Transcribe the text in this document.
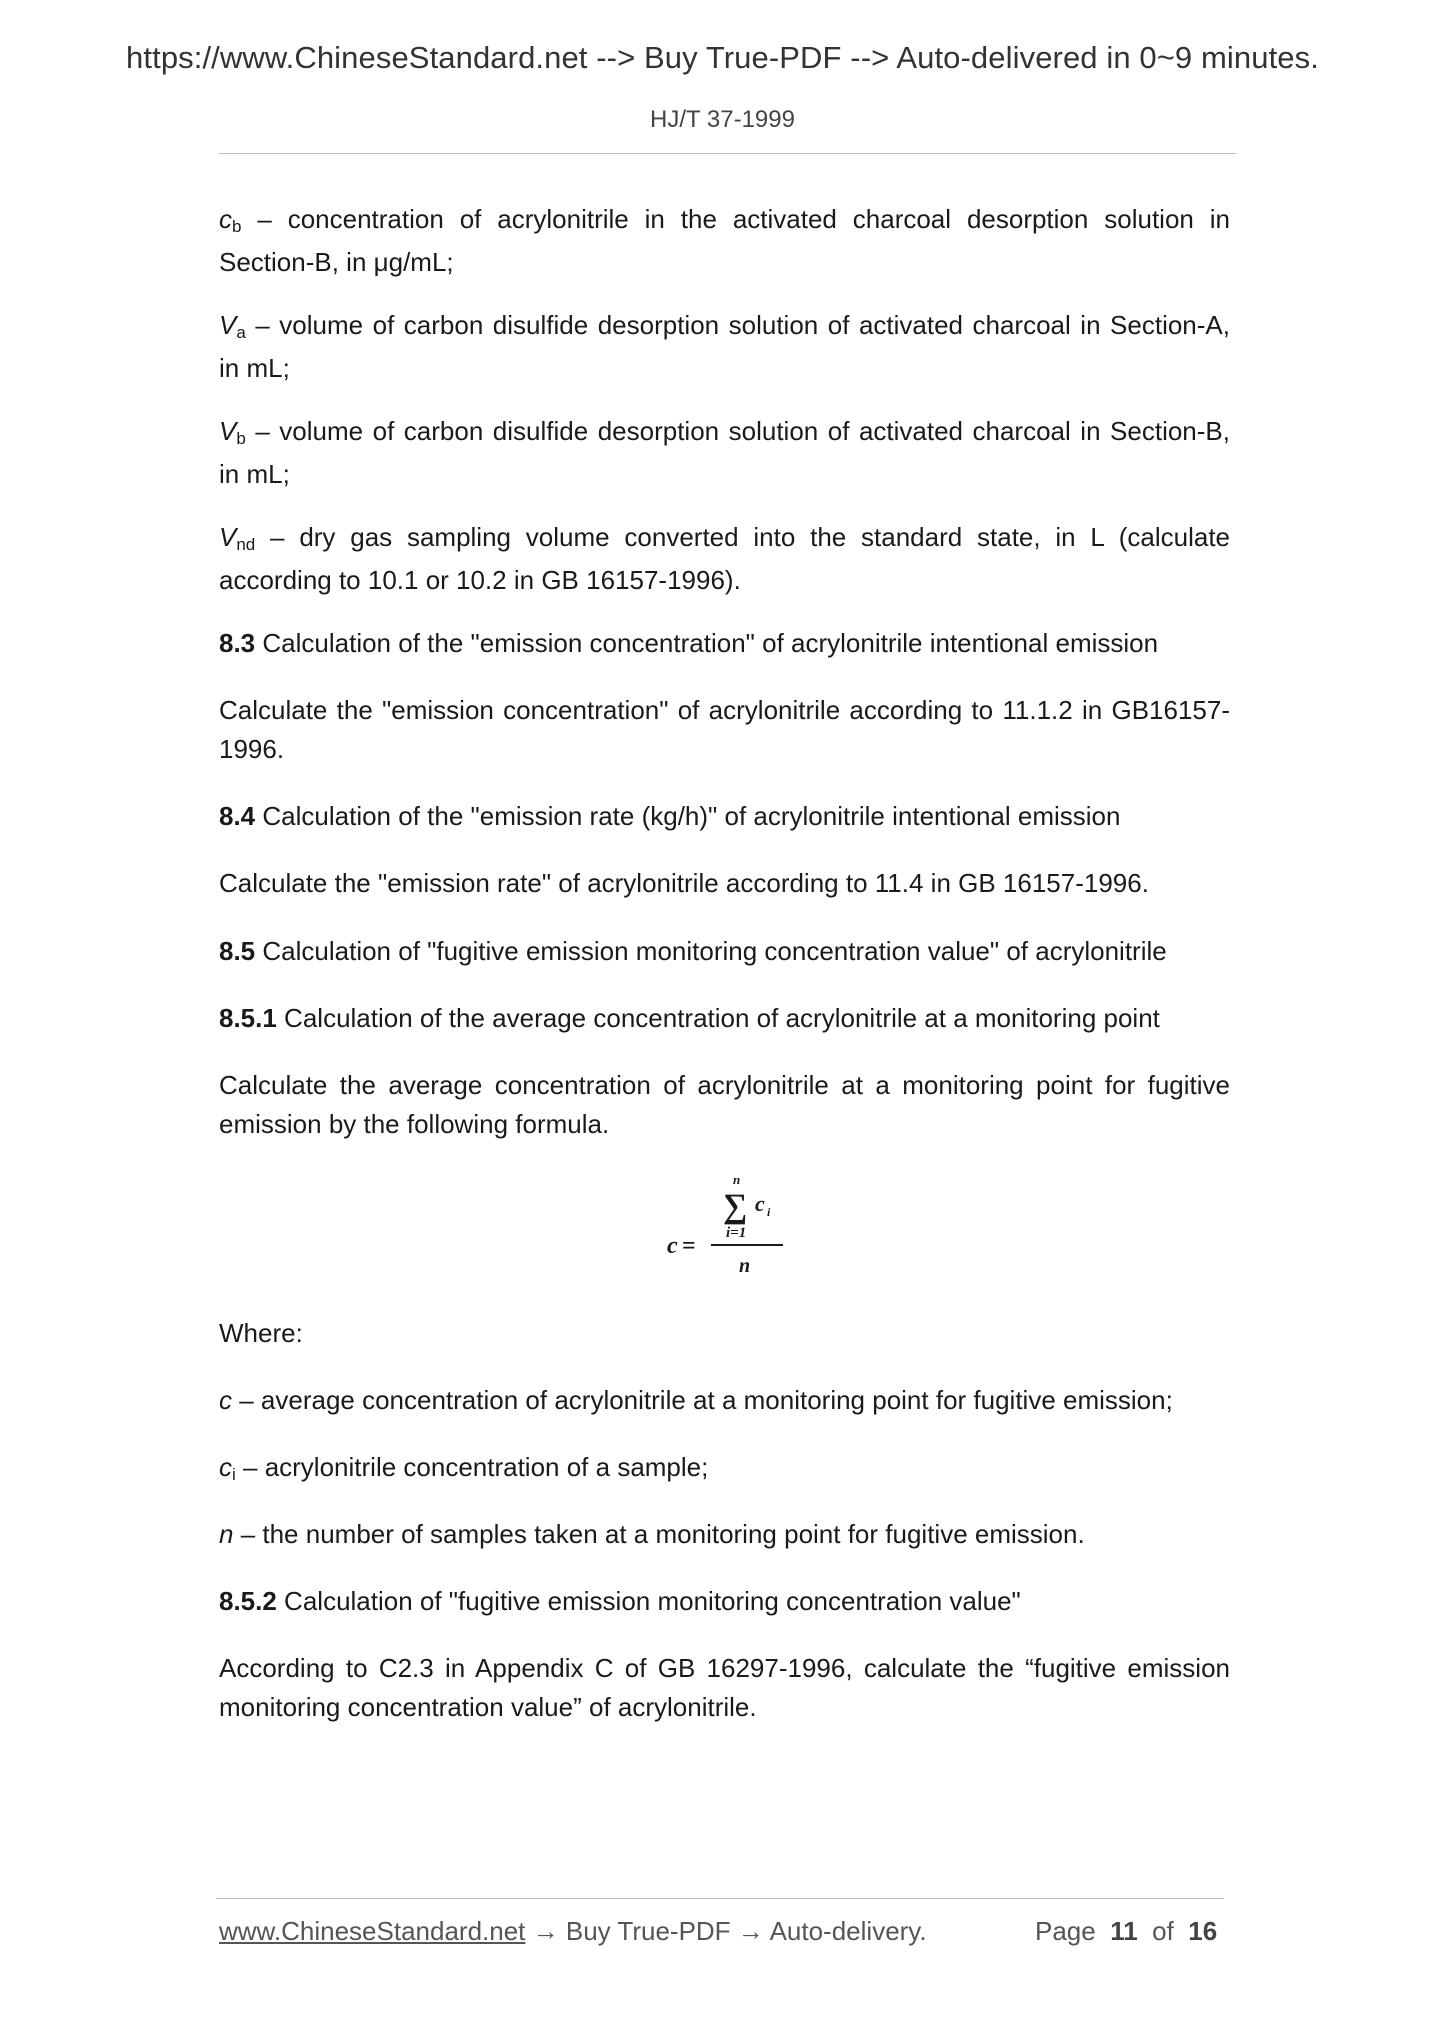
https://www.ChineseStandard.net --> Buy True-PDF --> Auto-delivered in 0~9 minutes.
HJ/T 37-1999

cb – concentration of acrylonitrile in the activated charcoal desorption solution in Section-B, in μg/mL;

Va – volume of carbon disulfide desorption solution of activated charcoal in Section-A, in mL;

Vb – volume of carbon disulfide desorption solution of activated charcoal in Section-B, in mL;

Vnd – dry gas sampling volume converted into the standard state, in L (calculate according to 10.1 or 10.2 in GB 16157-1996).

8.3 Calculation of the "emission concentration" of acrylonitrile intentional emission

Calculate the "emission concentration" of acrylonitrile according to 11.1.2 in GB16157-1996.

8.4 Calculation of the "emission rate (kg/h)" of acrylonitrile intentional emission

Calculate the "emission rate" of acrylonitrile according to 11.4 in GB 16157-1996.

8.5 Calculation of "fugitive emission monitoring concentration value" of acrylonitrile

8.5.1 Calculation of the average concentration of acrylonitrile at a monitoring point

Calculate the average concentration of acrylonitrile at a monitoring point for fugitive emission by the following formula.

Where:

c – average concentration of acrylonitrile at a monitoring point for fugitive emission;

ci – acrylonitrile concentration of a sample;

n – the number of samples taken at a monitoring point for fugitive emission.

8.5.2 Calculation of "fugitive emission monitoring concentration value"

According to C2.3 in Appendix C of GB 16297-1996, calculate the “fugitive emission monitoring concentration value” of acrylonitrile.

c =
n
∑ c i
i=1
n
www.ChineseStandard.net → Buy True-PDF → Auto-delivery.	Page 11 of 16
